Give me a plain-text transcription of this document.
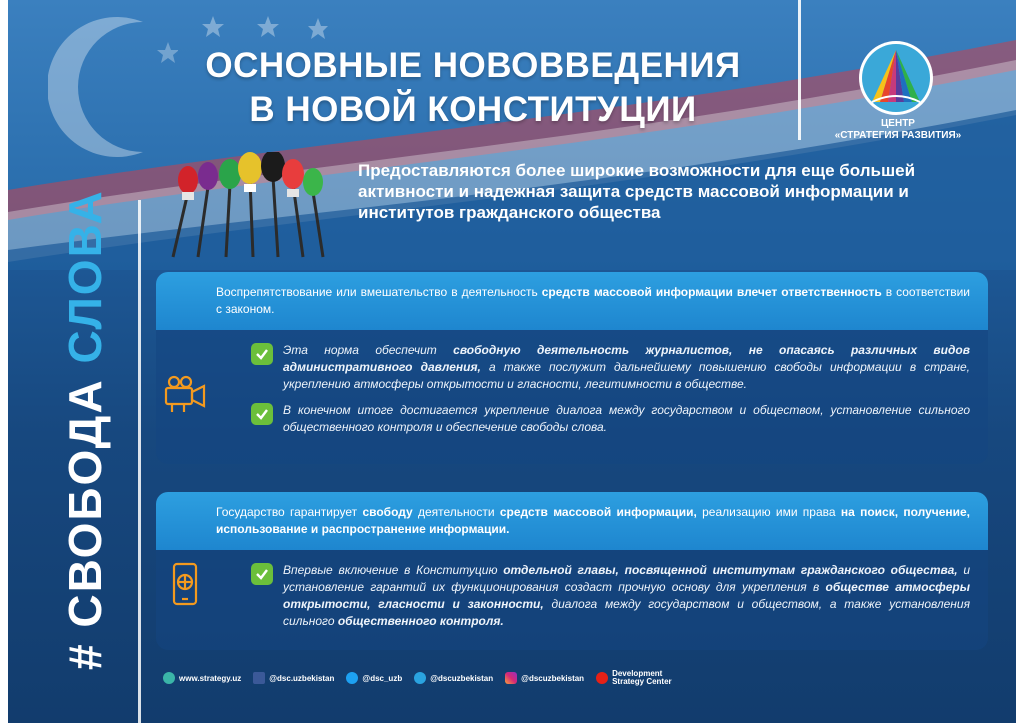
ОСНОВНЫЕ НОВОВВЕДЕНИЯ
В НОВОЙ КОНСТИТУЦИИ	ЦЕНТР
«СТРАТЕГИЯ РАЗВИТИЯ»
Предоставляются более широкие возможности для еще большей активности и надежная защита средств массовой информации и институтов гражданского общества
# СВОБОДА СЛОВА	Воспрепятствование или вмешательство в деятельность средств массовой информации влечет ответственность в соответствии с законом.
Эта норма обеспечит свободную деятельность журналистов, не опасаясь различных видов административного давления, а также послужит дальнейшему повышению свободы информации в стране, укреплению атмосферы открытости и гласности, легитимности в обществе.
В конечном итоге достигается укрепление диалога между государством и обществом, установление сильного общественного контроля и обеспечение свободы слова.
Государство гарантирует свободу деятельности средств массовой информации, реализацию ими права на поиск, получение, использование и распространение информации.
Впервые включение в Конституцию отдельной главы, посвященной институтам гражданского общества, и установление гарантий их функционирования создаст прочную основу для укрепления в обществе атмосферы открытости, гласности и законности, диалога между государством и обществом, а также установления сильного общественного контроля.
www.strategy.uz	@dsc.uzbekistan	@dsc_uzb	@dscuzbekistan	@dscuzbekistan	Development
Strategy Center
